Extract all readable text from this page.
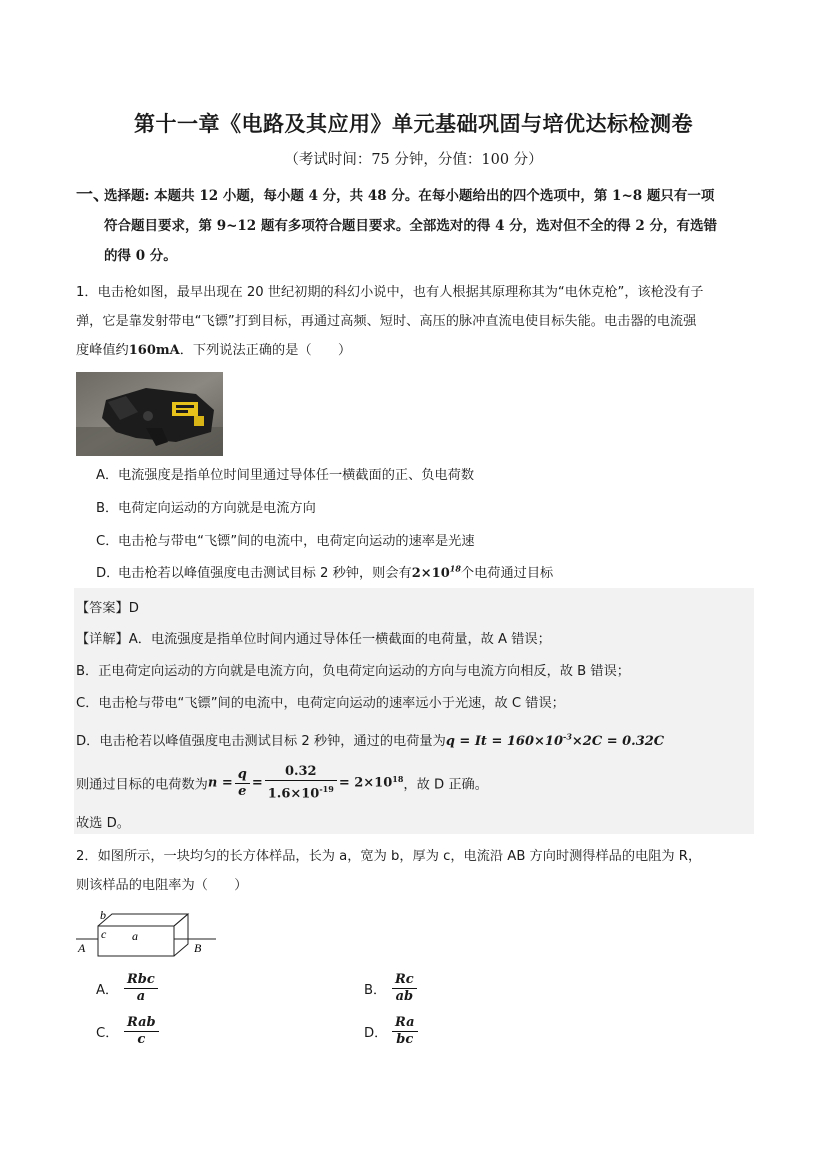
第十一章《电路及其应用》单元基础巩固与培优达标检测卷
（考试时间：75 分钟，分值：100 分）
一、选择题: 本题共 12 小题，每小题 4 分，共 48 分。在每小题给出的四个选项中，第 1~8 题只有一项
符合题目要求，第 9~12 题有多项符合题目要求。全部选对的得 4 分，选对但不全的得 2 分，有选错
的得 0 分。
1．电击枪如图，最早出现在 20 世纪初期的科幻小说中，也有人根据其原理称其为“电休克枪”，该枪没有子
弹，它是靠发射带电“飞镖”打到目标，再通过高频、短时、高压的脉冲直流电使目标失能。电击器的电流强
度峰值约160mA．下列说法正确的是（　　）
A．电流强度是指单位时间里通过导体任一横截面的正、负电荷数
B．电荷定向运动的方向就是电流方向
C．电击枪与带电“飞镖”间的电流中，电荷定向运动的速率是光速
D．电击枪若以峰值强度电击测试目标 2 秒钟，则会有$2\times 10^{18}$个电荷通过目标
【答案】D
【详解】A．电流强度是指单位时间内通过导体任一横截面的电荷量，故 A 错误；
B．正电荷定向运动的方向就是电流方向，负电荷定向运动的方向与电流方向相反，故 B 错误；
C．电击枪与带电“飞镖”间的电流中，电荷定向运动的速率远小于光速，故 C 错误；
D．电击枪若以峰值强度电击测试目标 2 秒钟，通过的电荷量为$q = It = 160\times 10^{-3}\times 2C = 0.32C$
则通过目标的电荷数为$n = \frac{q}{e} = \frac{0.32}{1.6\times 10^{-19}} = 2\times 10^{18}$，故 D 正确。
故选 D。
2．如图所示，一块均匀的长方体样品，长为 a，宽为 b，厚为 c，电流沿 AB 方向时测得样品的电阻为 R，
则该样品的电阻率为（　　）
b
c a
A	B
A． $\frac{\text{Rbc}}{a}$	B． $\frac{Rc}{ab}$
C． $\frac{\text{Rab}}{c}$	D． $\frac{Ra}{bc}$
